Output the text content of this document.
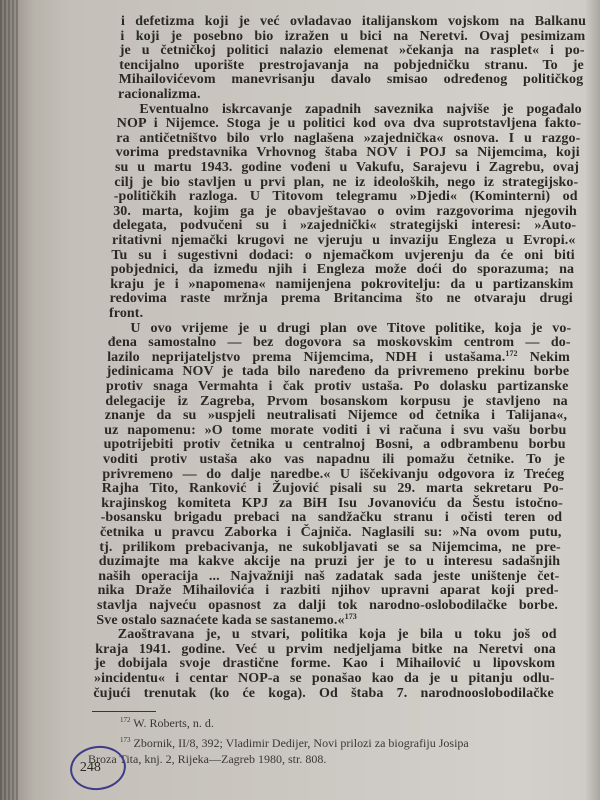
i defetizma koji je već ovladavao italijanskom vojskom na Balkanu
i koji je posebno bio izražen u bici na Neretvi. Ovaj pesimizam
je u četničkoj politici nalazio elemenat »čekanja na rasplet« i po-
tencijalno uporište prestrojavanja na pobjedničku stranu. To je
Mihailovićevom manevrisanju davalo smisao određenog političkog
racionalizma.
Eventualno iskrcavanje zapadnih saveznika najviše je pogađalo
NOP i Nijemce. Stoga je u politici kod ova dva suprotstavljena fakto-
ra antičetništvo bilo vrlo naglašena »zajednička« osnova. I u razgo-
vorima predstavnika Vrhovnog štaba NOV i POJ sa Nijemcima, koji
su u martu 1943. godine vođeni u Vakufu, Sarajevu i Zagrebu, ovaj
cilj je bio stavljen u prvi plan, ne iz ideoloških, nego iz strategijsko-
-političkih razloga. U Titovom telegramu »Djedi« (Kominterni) od
30. marta, kojim ga je obavještavao o ovim razgovorima njegovih
delegata, podvučeni su i »zajednički« strategijski interesi: »Auto-
ritativni njemački krugovi ne vjeruju u invaziju Engleza u Evropi.«
Tu su i sugestivni dodaci: o njemačkom uvjerenju da će oni biti
pobjednici, da između njih i Engleza može doći do sporazuma; na
kraju je i »napomena« namijenjena pokrovitelju: da u partizanskim
redovima raste mržnja prema Britancima što ne otvaraju drugi
front.
U ovo vrijeme je u drugi plan ove Titove politike, koja je vo-
đena samostalno — bez dogovora sa moskovskim centrom — do-
lazilo neprijateljstvo prema Nijemcima, NDH i ustašama.$^{172}$ Nekim
jedinicama NOV je tada bilo naređeno da privremeno prekinu borbe
protiv snaga Vermahta i čak protiv ustaša. Po dolasku partizanske
delegacije iz Zagreba, Prvom bosanskom korpusu je stavljeno na
znanje da su »uspjeli neutralisati Nijemce od četnika i Talijana«,
uz napomenu: »O tome morate voditi i vi računa i svu vašu borbu
upotrijebiti protiv četnika u centralnoj Bosni, a odbrambenu borbu
voditi protiv ustaša ako vas napadnu ili pomažu četnike. To je
privremeno — do dalje naredbe.« U iščekivanju odgovora iz Trećeg
Rajha Tito, Ranković i Žujović pisali su 29. marta sekretaru Po-
krajinskog komiteta KPJ za BiH Isu Jovanoviću da Šestu istočno-
-bosansku brigadu prebaci na sandžačku stranu i očisti teren od
četnika u pravcu Zaborka i Čajniča. Naglasili su: »Na ovom putu,
tj. prilikom prebacivanja, ne sukobljavati se sa Nijemcima, ne pre-
duzimajte ma kakve akcije na pruzi jer je to u interesu sadašnjih
naših operacija ... Najvažniji naš zadatak sada jeste uništenje čet-
nika Draže Mihailovića i razbiti njihov upravni aparat koji pred-
stavlja najveću opasnost za dalji tok narodno-oslobodilačke borbe.
Sve ostalo saznaćete kada se sastanemo.«$^{173}$
Zaoštravana je, u stvari, politika koja je bila u toku još od
kraja 1941. godine. Već u prvim nedjeljama bitke na Neretvi ona
je dobijala svoje drastične forme. Kao i Mihailović u lipovskom
»incidentu« i centar NOP-a se ponašao kao da je u pitanju odlu-
čujući trenutak (ko će koga). Od štaba 7. narodnooslobodilačke
$^{172}$ W. Roberts, n. d.
$^{173}$ Zbornik, II/8, 392; Vladimir Dedijer, Novi prilozi za biografiju Josipa
Broza Tita, knj. 2, Rijeka—Zagreb 1980, str. 808.
248
